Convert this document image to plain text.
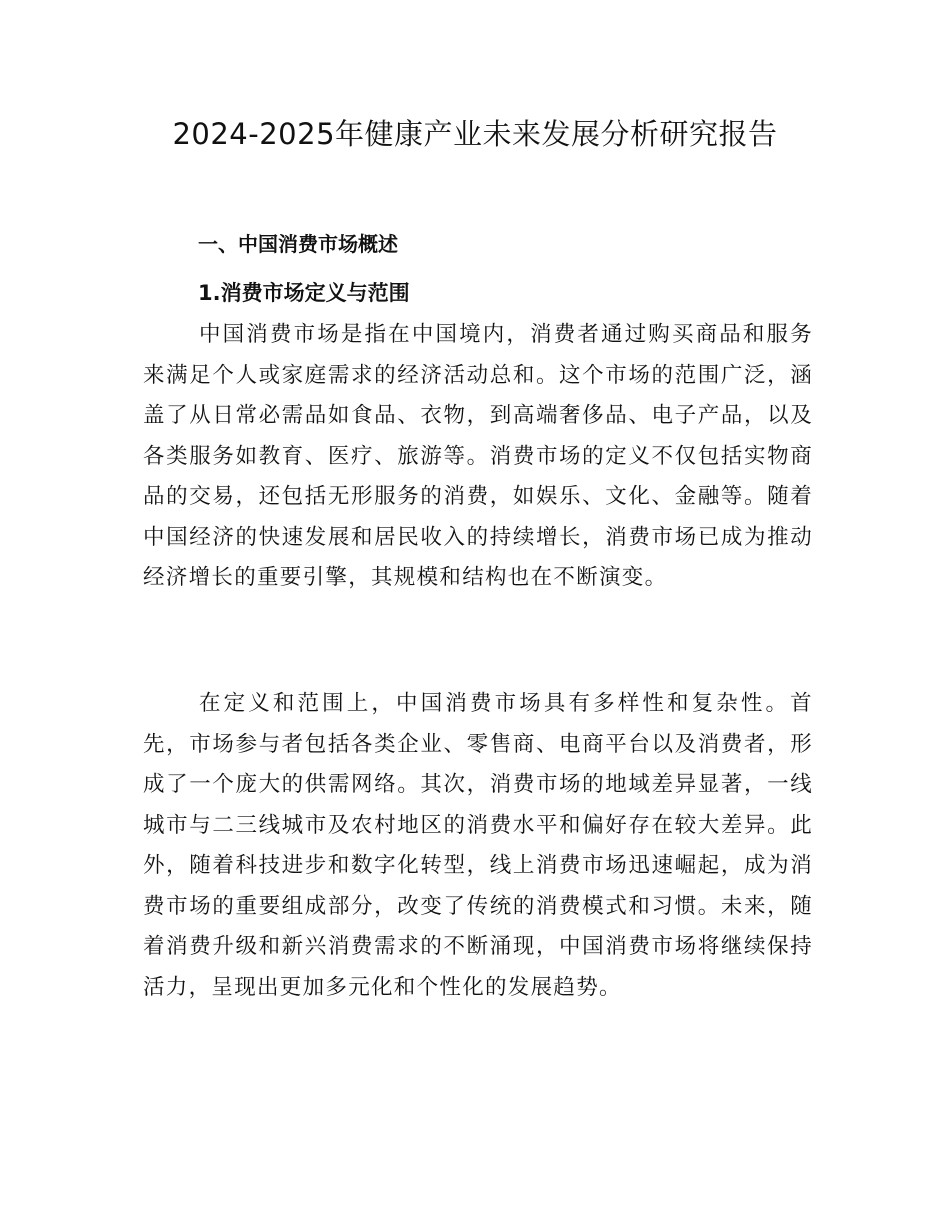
2024-2025年健康产业未来发展分析研究报告
一、中国消费市场概述
1.消费市场定义与范围

中国消费市场是指在中国境内，消费者通过购买商品和服务来满足个人或家庭需求的经济活动总和。这个市场的范围广泛，涵盖了从日常必需品如食品、衣物，到高端奢侈品、电子产品，以及各类服务如教育、医疗、旅游等。消费市场的定义不仅包括实物商品的交易，还包括无形服务的消费，如娱乐、文化、金融等。随着中国经济的快速发展和居民收入的持续增长，消费市场已成为推动经济增长的重要引擎，其规模和结构也在不断演变。

在定义和范围上，中国消费市场具有多样性和复杂性。首先，市场参与者包括各类企业、零售商、电商平台以及消费者，形成了一个庞大的供需网络。其次，消费市场的地域差异显著，一线城市与二三线城市及农村地区的消费水平和偏好存在较大差异。此外，随着科技进步和数字化转型，线上消费市场迅速崛起，成为消费市场的重要组成部分，改变了传统的消费模式和习惯。未来，随着消费升级和新兴消费需求的不断涌现，中国消费市场将继续保持活力，呈现出更加多元化和个性化的发展趋势。
